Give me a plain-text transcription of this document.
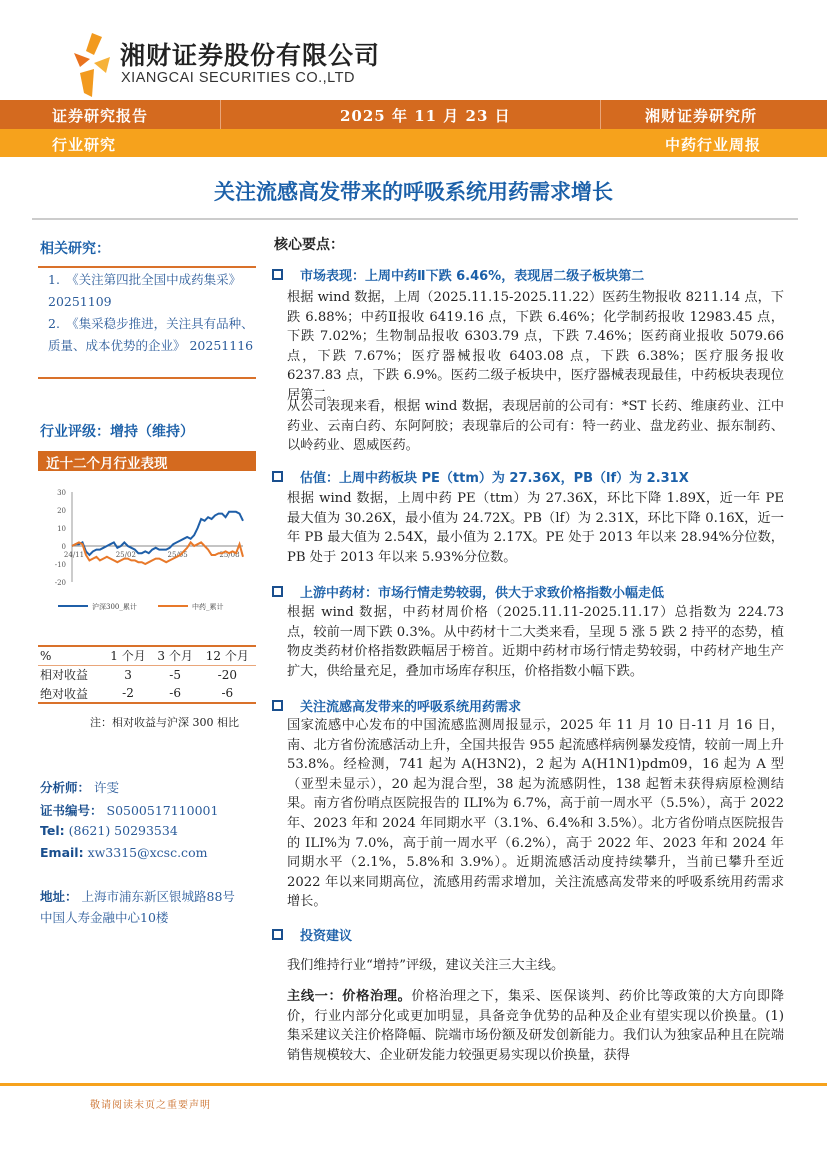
湘财证券股份有限公司
XIANGCAI SECURITIES CO.,LTD
证券研究报告	2025 年 11 月 23 日	湘财证券研究所
行业研究	中药行业周报
关注流感高发带来的呼吸系统用药需求增长
相关研究：
1.　《关注第四批全国中成药集采》　 20251109
2.　《集采稳步推进，关注具有品种、质量、成本优势的企业》 20251116
行业评级：增持（维持）
近十二个月行业表现
30
20
10
0
-10
-20
24/11	25/02	25/05	25/08
沪深300_累计	中药_累计
%	1 个月	3 个月	12 个月
相对收益	3	-5	-20
绝对收益	-2	-6	-6
注：相对收益与沪深 300 相比
分析师： 许雯
证书编号： S0500517110001
Tel: (8621) 50293534
Email: xw3315@xcsc.com
地址： 上海市浦东新区银城路88号
中国人寿金融中心10楼
核心要点：
市场表现：上周中药Ⅱ下跌 6.46%，表现居二级子板块第二
根据 wind 数据，上周（2025.11.15-2025.11.22）医药生物报收 8211.14 点，下跌 6.88%；中药Ⅱ报收 6419.16 点，下跌 6.46%；化学制药报收 12983.45 点，下跌 7.02%；生物制品报收 6303.79 点，下跌 7.46%；医药商业报收 5079.66 点，下跌 7.67%；医疗器械报收 6403.08 点，下跌 6.38%；医疗服务报收 6237.83 点，下跌 6.9%。医药二级子板块中，医疗器械表现最佳，中药板块表现位居第二。
从公司表现来看，根据 wind 数据，表现居前的公司有：*ST 长药、维康药业、江中药业、云南白药、东阿阿胶；表现靠后的公司有：特一药业、盘龙药业、振东制药、以岭药业、恩威医药。
估值：上周中药板块 PE（ttm）为 27.36X，PB（lf）为 2.31X
根据 wind 数据，上周中药 PE（ttm）为 27.36X，环比下降 1.89X，近一年 PE 最大值为 30.26X，最小值为 24.72X。PB（lf）为 2.31X，环比下降 0.16X，近一年 PB 最大值为 2.54X，最小值为 2.17X。PE 处于 2013 年以来 28.94%分位数，PB 处于 2013 年以来 5.93%分位数。
上游中药材：市场行情走势较弱，供大于求致价格指数小幅走低
根据 wind 数据，中药材周价格（2025.11.11-2025.11.17）总指数为 224.73 点，较前一周下跌 0.3%。从中药材十二大类来看，呈现 5 涨 5 跌 2 持平的态势，植物皮类药材价格指数跌幅居于榜首。近期中药材市场行情走势较弱，中药材产地生产扩大，供给量充足，叠加市场库存积压，价格指数小幅下跌。
关注流感高发带来的呼吸系统用药需求
国家流感中心发布的中国流感监测周报显示，2025 年 11 月 10 日-11 月 16 日，南、北方省份流感活动上升，全国共报告 955 起流感样病例暴发疫情，较前一周上升 53.8%。经检测，741 起为 A(H3N2)，2 起为 A(H1N1)pdm09，16 起为 A 型（亚型未显示），20 起为混合型，38 起为流感阴性，138 起暂未获得病原检测结果。南方省份哨点医院报告的 ILI%为 6.7%，高于前一周水平（5.5%），高于 2022 年、2023 年和 2024 年同期水平（3.1%、6.4%和 3.5%）。北方省份哨点医院报告的 ILI%为 7.0%，高于前一周水平（6.2%），高于 2022 年、2023 年和 2024 年同期水平（2.1%，5.8%和 3.9%）。近期流感活动度持续攀升，当前已攀升至近 2022 年以来同期高位，流感用药需求增加，关注流感高发带来的呼吸系统用药需求增长。
投资建议
我们维持行业“增持”评级，建议关注三大主线。
主线一：价格治理。价格治理之下，集采、医保谈判、药价比等政策的大方向即降价，行业内部分化或更加明显，具备竞争优势的品种及企业有望实现以价换量。(1) 集采建议关注价格降幅、院端市场份额及研发创新能力。我们认为独家品种且在院端销售规模较大、企业研发能力较强更易实现以价换量，获得
敬请阅读末页之重要声明
